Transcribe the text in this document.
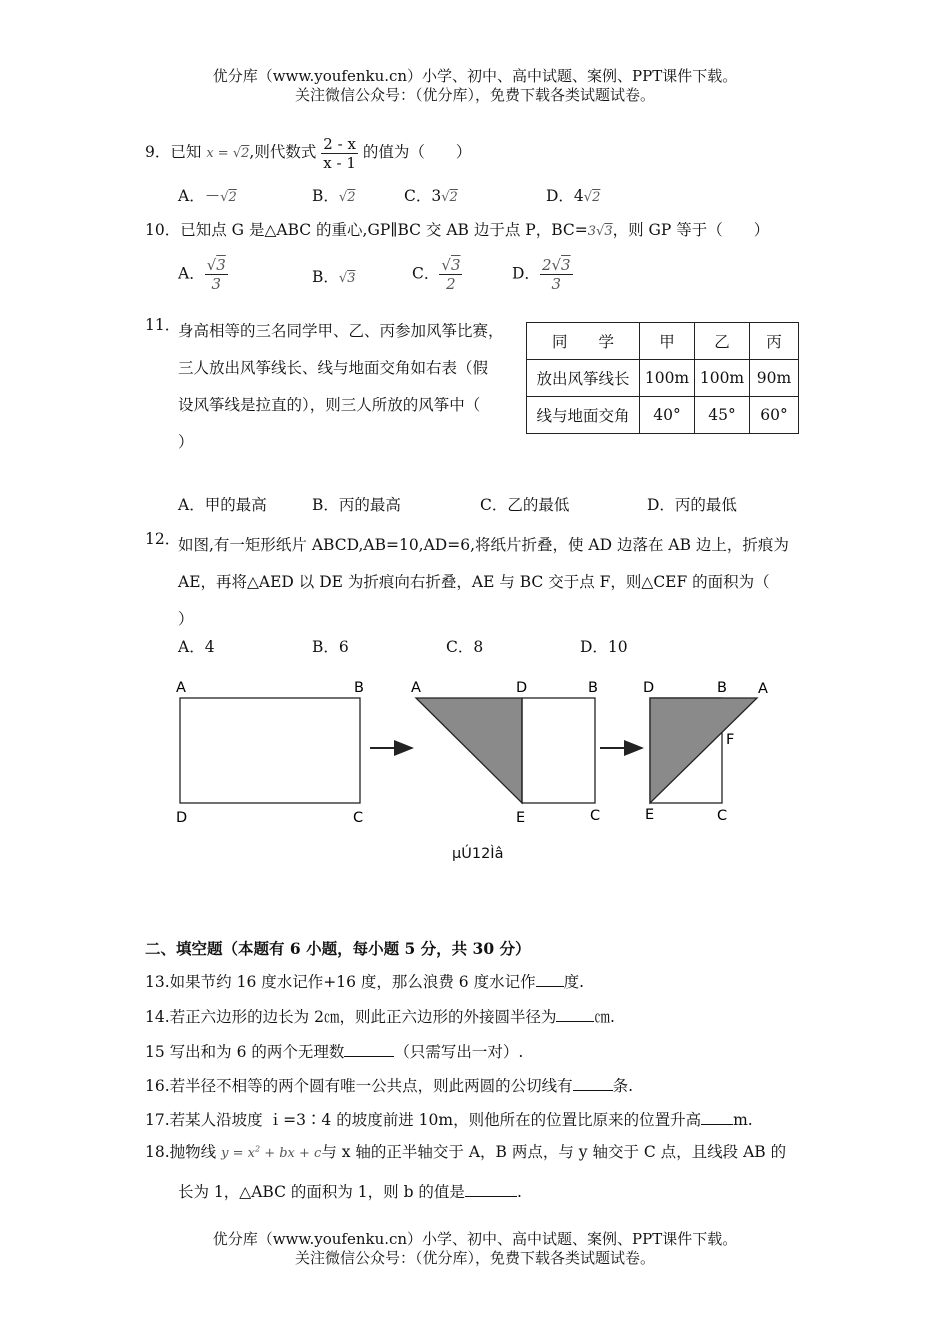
优分库（www.youfenku.cn）小学、初中、高中试题、案例、PPT课件下载。
关注微信公众号：（优分库），免费下载各类试题试卷。
9．已知 x = √2,则代数式 $\frac{2 - x}{x - 1}$ 的值为（　　）
A．－√2	B．√2	C．3√2	D．4√2
10．已知点 G 是△ABC 的重心,GP∥BC 交 AB 边于点 P，BC=3√3，则 GP 等于（　　）
A． $\frac{√3}{3}$	B．√3	C． $\frac{√3}{2}$	D． $\frac{2√3}{3}$
11．
身高相等的三名同学甲、乙、丙参加风筝比赛，
三人放出风筝线长、线与地面交角如右表（假
设风筝线是拉直的），则三人所放的风筝中（
）
同　　学	甲	乙	丙
放出风筝线长	100m	100m	90m
线与地面交角	40°	45°	60°
A．甲的最高	B．丙的最高	C．乙的最低	D．丙的最低
12．
如图,有一矩形纸片 ABCD,AB=10,AD=6,将纸片折叠，使 AD 边落在 AB 边上，折痕为
AE，再将△AED 以 DE 为折痕向右折叠，AE 与 BC 交于点 F，则△CEF 的面积为（
）
A．4	B．6	C．8	D．10
A	B
D	C
A	D	B
E	C
D	B A
F
E	C
µÚ12Ìâ
二、填空题（本题有 6 小题，每小题 5 分，共 30 分）
13.如果节约 16 度水记作+16 度，那么浪费 6 度水记作 度.
14.若正六边形的边长为 2㎝，则此正六边形的外接圆半径为 ㎝.
15 写出和为 6 的两个无理数	（只需写出一对）.
16.若半径不相等的两个圆有唯一公共点，则此两圆的公切线有	条.
17.若某人沿坡度 ｉ=3∶4 的坡度前进 10m，则他所在的位置比原来的位置升高 m.
18.抛物线 $y = x^2$ + bx + c与 x 轴的正半轴交于 A，B 两点，与 y 轴交于 C 点，且线段 AB 的
长为 1，△ABC 的面积为 1，则 b 的值是	.
优分库（www.youfenku.cn）小学、初中、高中试题、案例、PPT课件下载。
关注微信公众号：（优分库），免费下载各类试题试卷。
